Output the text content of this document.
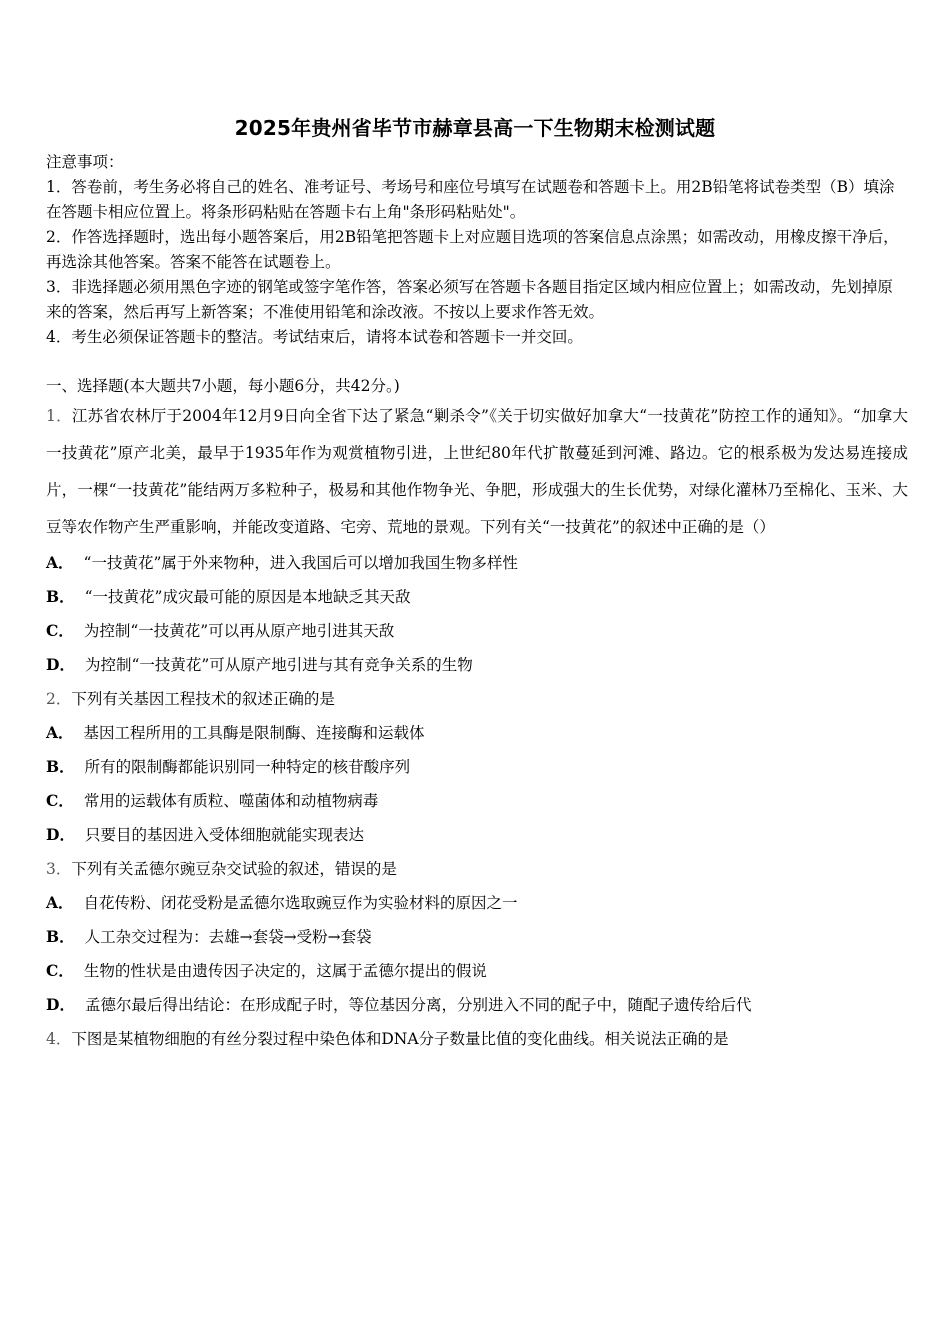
2025年贵州省毕节市赫章县高一下生物期末检测试题

注意事项：

1．答卷前，考生务必将自己的姓名、准考证号、考场号和座位号填写在试题卷和答题卡上。用2B铅笔将试卷类型（B）填涂在答题卡相应位置上。将条形码粘贴在答题卡右上角"条形码粘贴处"。

2．作答选择题时，选出每小题答案后，用2B铅笔把答题卡上对应题目选项的答案信息点涂黑；如需改动，用橡皮擦干净后，再选涂其他答案。答案不能答在试题卷上。

3．非选择题必须用黑色字迹的钢笔或签字笔作答，答案必须写在答题卡各题目指定区域内相应位置上；如需改动，先划掉原来的答案，然后再写上新答案；不准使用铅笔和涂改液。不按以上要求作答无效。

4．考生必须保证答题卡的整洁。考试结束后，请将本试卷和答题卡一并交回。

一、选择题(本大题共7小题，每小题6分，共42分。)

1．江苏省农林厅于2004年12月9日向全省下达了紧急“剿杀令”《关于切实做好加拿大“一技黄花”防控工作的通知》。“加拿大一技黄花”原产北美，最早于1935年作为观赏植物引进，上世纪80年代扩散蔓延到河滩、路边。它的根系极为发达易连接成片，一棵“一技黄花”能结两万多粒种子，极易和其他作物争光、争肥，形成强大的生长优势，对绿化灌林乃至棉化、玉米、大豆等农作物产生严重影响，并能改变道路、宅旁、荒地的景观。下列有关“一技黄花”的叙述中正确的是（）

A． “一技黄花”属于外来物种，进入我国后可以增加我国生物多样性

B． “一技黄花”成灾最可能的原因是本地缺乏其天敌

C． 为控制“一技黄花”可以再从原产地引进其天敌

D． 为控制“一技黄花”可从原产地引进与其有竞争关系的生物

2．下列有关基因工程技术的叙述正确的是

A． 基因工程所用的工具酶是限制酶、连接酶和运载体

B． 所有的限制酶都能识别同一种特定的核苷酸序列

C． 常用的运载体有质粒、噬菌体和动植物病毒

D． 只要目的基因进入受体细胞就能实现表达

3．下列有关孟德尔豌豆杂交试验的叙述，错误的是

A． 自花传粉、闭花受粉是孟德尔选取豌豆作为实验材料的原因之一

B． 人工杂交过程为：去雄→套袋→受粉→套袋

C． 生物的性状是由遗传因子决定的，这属于孟德尔提出的假说

D． 孟德尔最后得出结论：在形成配子时，等位基因分离，分别进入不同的配子中，随配子遗传给后代

4．下图是某植物细胞的有丝分裂过程中染色体和DNA分子数量比值的变化曲线。相关说法正确的是
